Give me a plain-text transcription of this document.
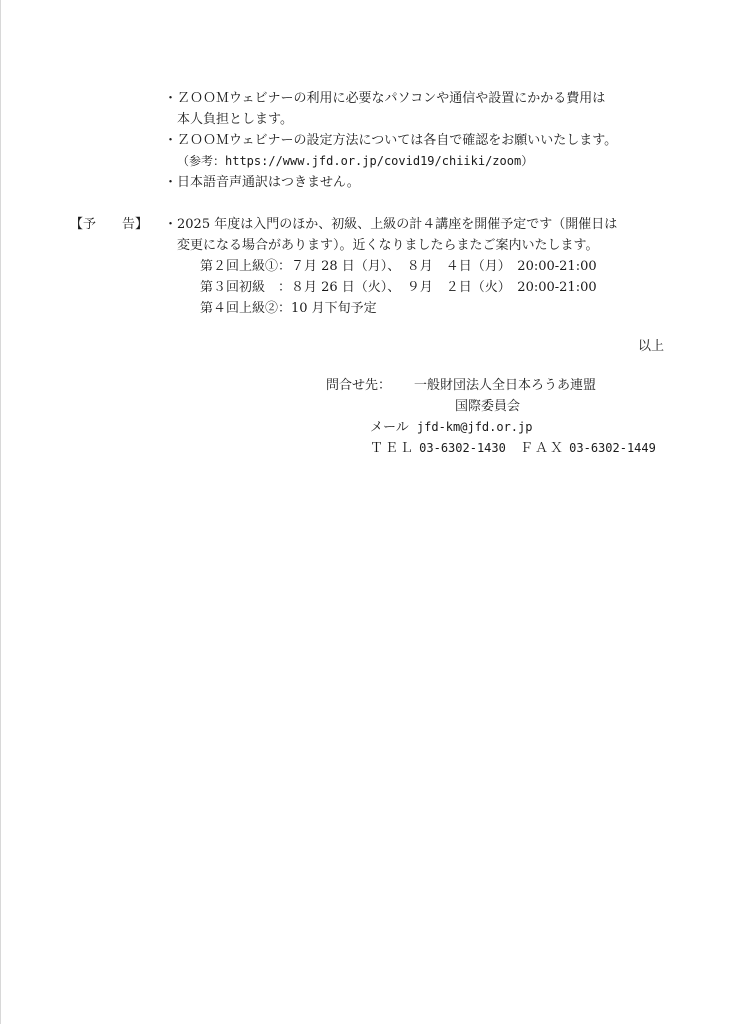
・ＺＯＯＭウェビナーの利用に必要なパソコンや通信や設置にかかる費用は
本人負担とします。
・ＺＯＯＭウェビナーの設定方法については各自で確認をお願いいたします。
（参考：https://www.jfd.or.jp/covid19/chiiki/zoom）
・日本語音声通訳はつきません。
【予　　告】 ・2025 年度は入門のほか、初級、上級の計４講座を開催予定です（開催日は
変更になる場合があります）。近くなりましたらまたご案内いたします。
第２回上級①：７月 28 日（月）、　８月　４日（月）　20:00-21:00
第３回初級　：８月 26 日（火）、　９月　２日（火）　20:00-21:00
第４回上級②：10 月下旬予定
以上
問合せ先： 一般財団法人全日本ろうあ連盟
国際委員会
メール jfd-km@jfd.or.jp
ＴＥＬ 03-6302-1430 ＦＡＸ 03-6302-1449
